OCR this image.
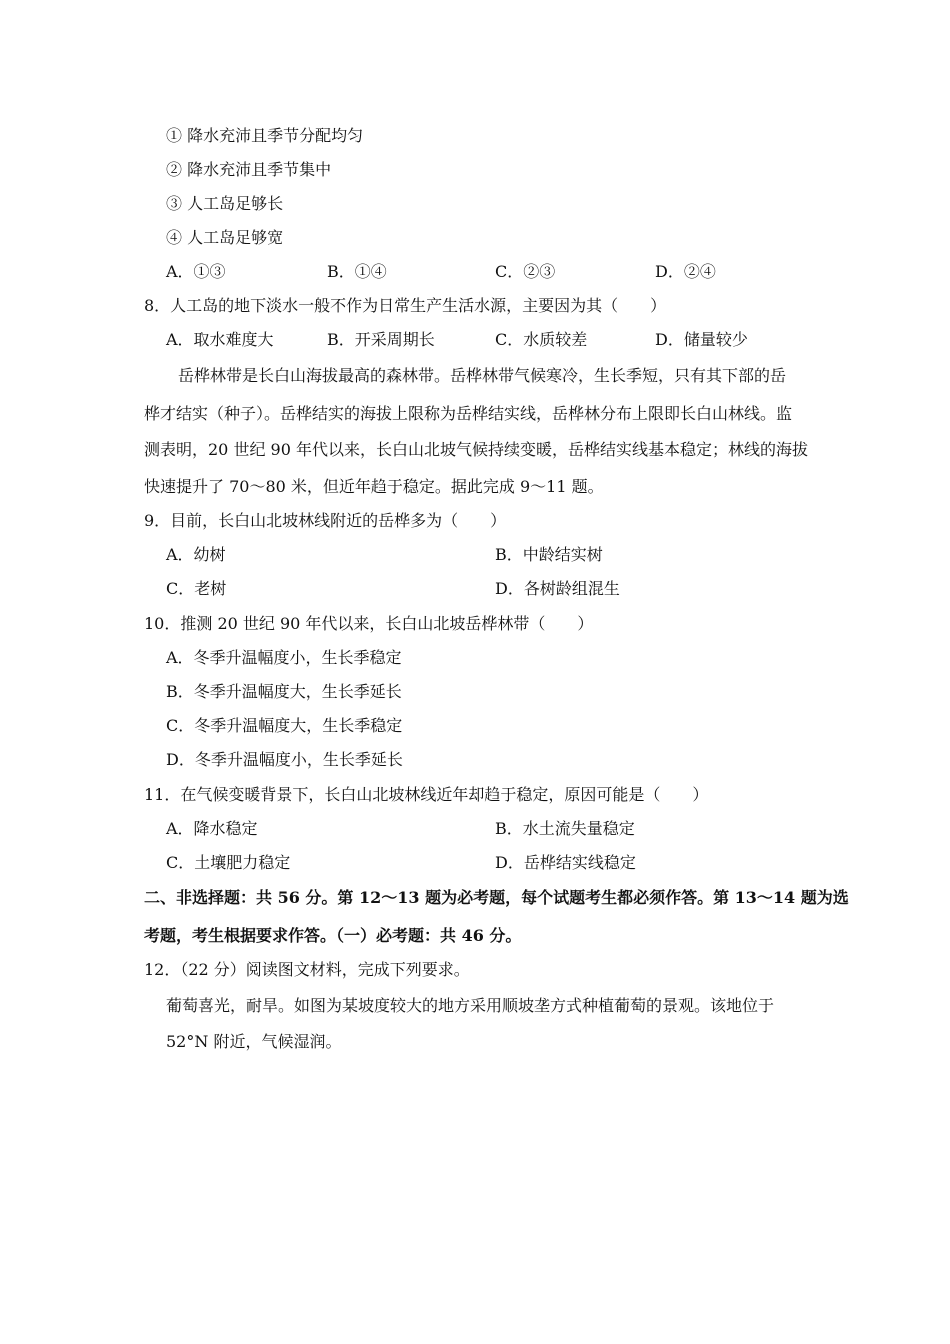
① 降水充沛且季节分配均匀
② 降水充沛且季节集中
③ 人工岛足够长
④ 人工岛足够宽
A．①③	B．①④	C．②③	D．②④
8．人工岛的地下淡水一般不作为日常生产生活水源，主要因为其（　　）
A．取水难度大	B．开采周期长	C．水质较差	D．储量较少
岳桦林带是长白山海拔最高的森林带。岳桦林带气候寒冷，生长季短，只有其下部的岳
桦才结实（种子）。岳桦结实的海拔上限称为岳桦结实线，岳桦林分布上限即长白山林线。监
测表明，20 世纪 90 年代以来，长白山北坡气候持续变暖，岳桦结实线基本稳定；林线的海拔
快速提升了 70～80 米，但近年趋于稳定。据此完成 9～11 题。
9．目前，长白山北坡林线附近的岳桦多为（　　）
A．幼树	B．中龄结实树
C．老树	D．各树龄组混生
10．推测 20 世纪 90 年代以来，长白山北坡岳桦林带（　　）
A．冬季升温幅度小，生长季稳定
B．冬季升温幅度大，生长季延长
C．冬季升温幅度大，生长季稳定
D．冬季升温幅度小，生长季延长
11．在气候变暖背景下，长白山北坡林线近年却趋于稳定，原因可能是（　　）
A．降水稳定	B．水土流失量稳定
C．土壤肥力稳定	D．岳桦结实线稳定
二、非选择题：共 56 分。第 12～13 题为必考题，每个试题考生都必须作答。第 13～14 题为选
考题，考生根据要求作答。（一）必考题：共 46 分。
12．（22 分）阅读图文材料，完成下列要求。
葡萄喜光，耐旱。如图为某坡度较大的地方采用顺坡垄方式种植葡萄的景观。该地位于
52°N 附近，气候湿润。
